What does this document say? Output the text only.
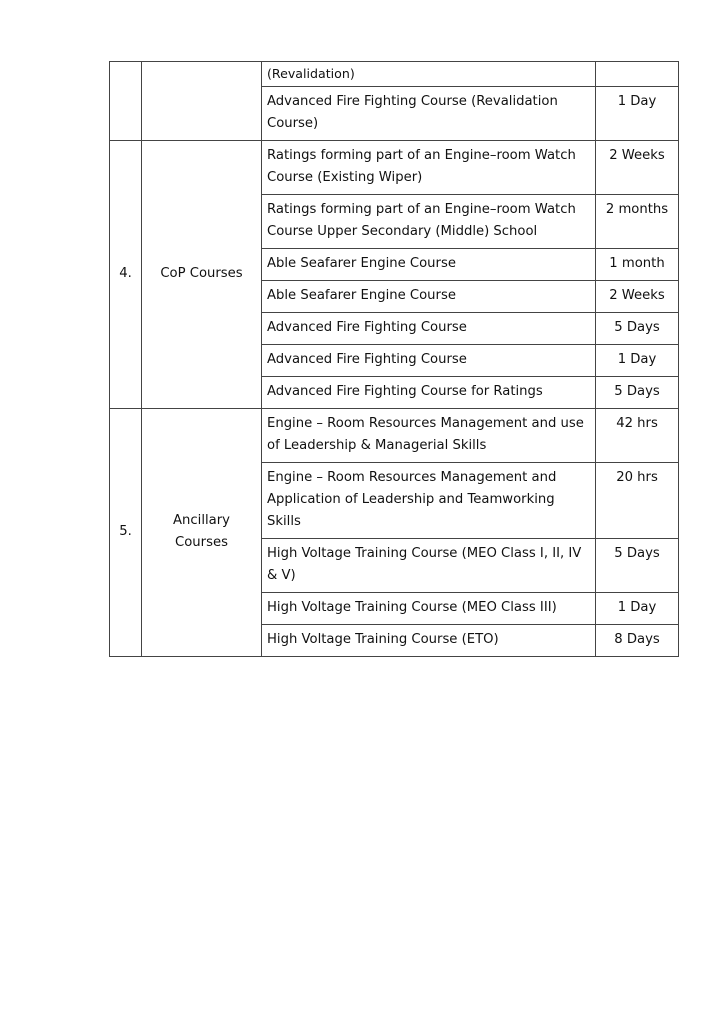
		(Revalidation)	
		Advanced Fire Fighting Course (Revalidation Course)	1 Day
4.	CoP Courses	Ratings forming part of an Engine–room Watch Course (Existing Wiper)	2 Weeks
		Ratings forming part of an Engine–room Watch Course Upper Secondary (Middle) School	2 months
		Able Seafarer Engine Course	1 month
		Able Seafarer Engine Course	2 Weeks
		Advanced Fire Fighting Course	5 Days
		Advanced Fire Fighting Course	1 Day
		Advanced Fire Fighting Course for Ratings	5 Days
5.	Ancillary Courses	Engine – Room Resources Management and use of Leadership & Managerial Skills	42 hrs
		Engine – Room Resources Management and Application of Leadership and Teamworking Skills	20 hrs
		High Voltage Training Course (MEO Class I, II, IV & V)	5 Days
		High Voltage Training Course (MEO Class III)	1 Day
		High Voltage Training Course (ETO)	8 Days
